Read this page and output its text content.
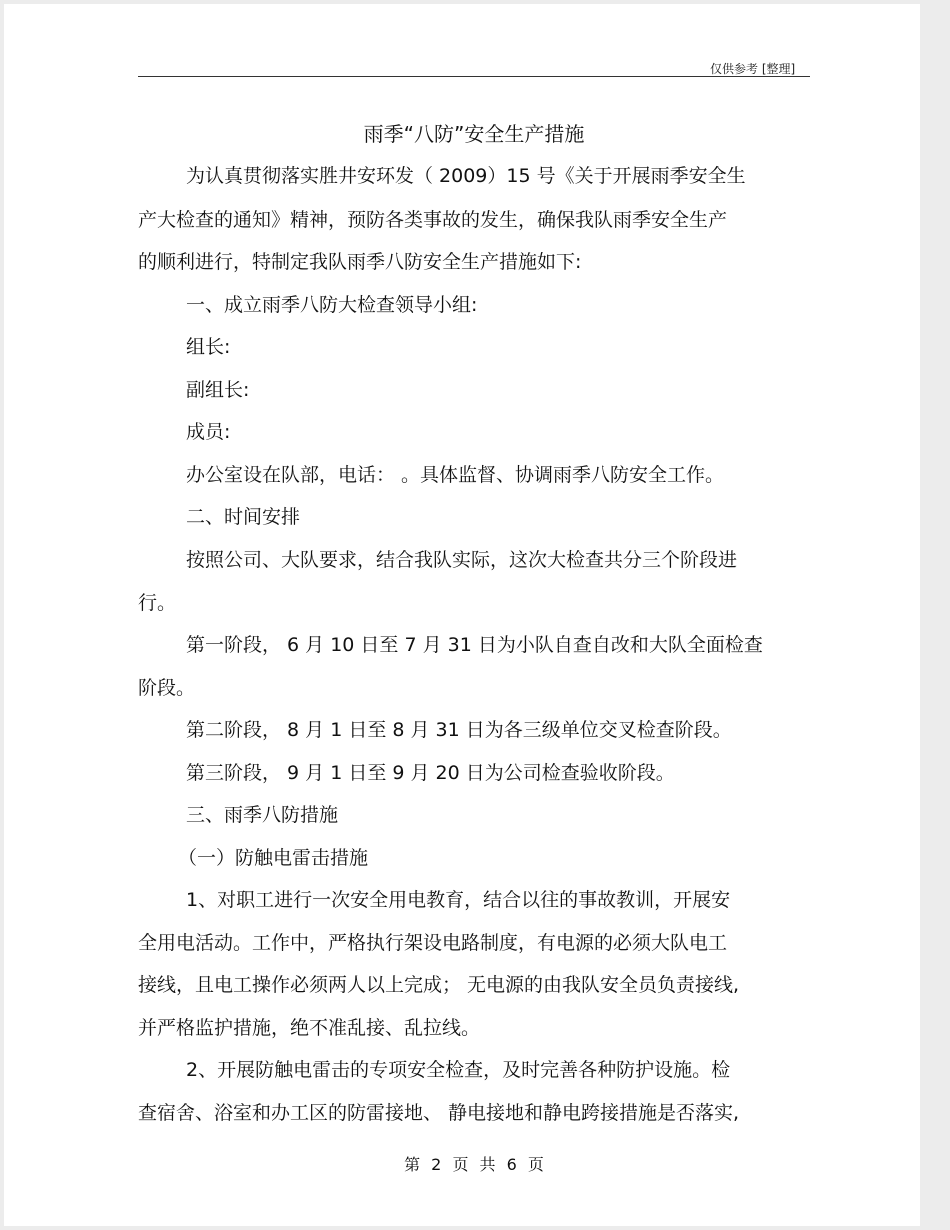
仅供参考 [整理]
雨季“八防”安全生产措施
为认真贯彻落实胜井安环发（ 2009）15 号《关于开展雨季安全生
产大检查的通知》精神，预防各类事故的发生，确保我队雨季安全生产
的顺利进行，特制定我队雨季八防安全生产措施如下:
一、成立雨季八防大检查领导小组:
组长:
副组长:
成员:
办公室设在队部，电话： 。具体监督、协调雨季八防安全工作。
二、时间安排
按照公司、大队要求，结合我队实际，这次大检查共分三个阶段进
行。
第一阶段， 6 月 10 日至 7 月 31 日为小队自查自改和大队全面检查
阶段。
第二阶段， 8 月 1 日至 8 月 31 日为各三级单位交叉检查阶段。
第三阶段， 9 月 1 日至 9 月 20 日为公司检查验收阶段。
三、雨季八防措施
（一）防触电雷击措施
1、对职工进行一次安全用电教育，结合以往的事故教训，开展安
全用电活动。工作中，严格执行架设电路制度，有电源的必须大队电工
接线，且电工操作必须两人以上完成； 无电源的由我队安全员负责接线,
并严格监护措施，绝不准乱接、乱拉线。
2、开展防触电雷击的专项安全检查，及时完善各种防护设施。检
查宿舍、浴室和办工区的防雷接地、 静电接地和静电跨接措施是否落实,
第 2 页 共 6 页
